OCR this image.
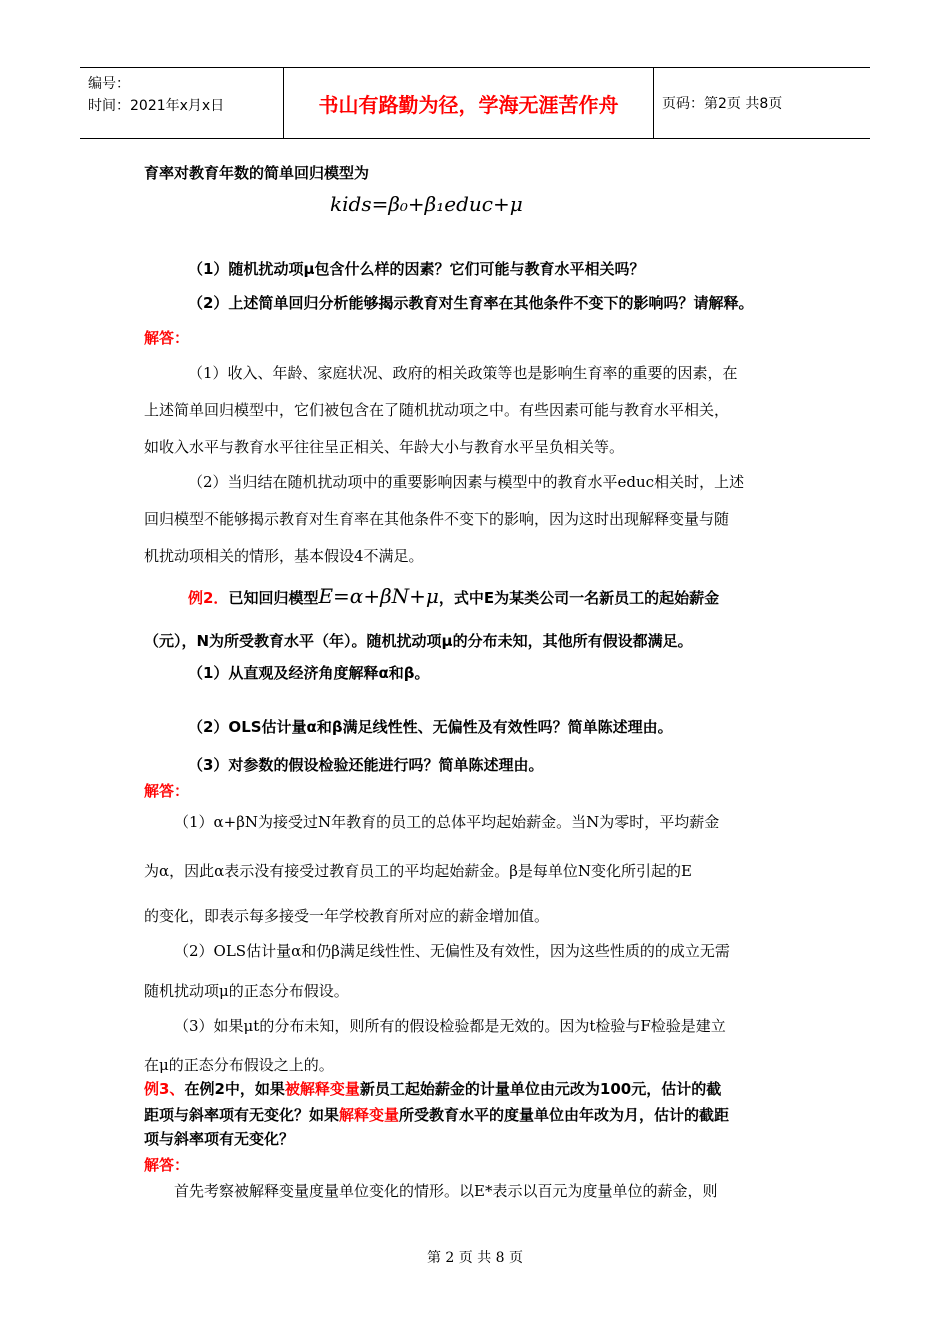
编号：
时间：2021年x月x日	书山有路勤为径，学海无涯苦作舟	页码：第2页 共8页
育率对教育年数的简单回归模型为
kids=β₀+β₁educ+μ
（1）随机扰动项μ包含什么样的因素？它们可能与教育水平相关吗？
（2）上述简单回归分析能够揭示教育对生育率在其他条件不变下的影响吗？请解释。
解答：
（1）收入、年龄、家庭状况、政府的相关政策等也是影响生育率的重要的因素，在
上述简单回归模型中，它们被包含在了随机扰动项之中。有些因素可能与教育水平相关，
如收入水平与教育水平往往呈正相关、年龄大小与教育水平呈负相关等。
（2）当归结在随机扰动项中的重要影响因素与模型中的教育水平educ相关时，上述
回归模型不能够揭示教育对生育率在其他条件不变下的影响，因为这时出现解释变量与随
机扰动项相关的情形，基本假设4不满足。
例2．已知回归模型E=α+βN+μ，式中E为某类公司一名新员工的起始薪金
（元），N为所受教育水平（年）。随机扰动项μ的分布未知，其他所有假设都满足。
（1）从直观及经济角度解释α和β。
（2）OLS估计量α和β满足线性性、无偏性及有效性吗？简单陈述理由。
（3）对参数的假设检验还能进行吗？简单陈述理由。
解答：
（1）α+βN为接受过N年教育的员工的总体平均起始薪金。当N为零时，平均薪金
为α，因此α表示没有接受过教育员工的平均起始薪金。β是每单位N变化所引起的E
的变化，即表示每多接受一年学校教育所对应的薪金增加值。
（2）OLS估计量α和仍β满足线性性、无偏性及有效性，因为这些性质的的成立无需
随机扰动项μ的正态分布假设。
（3）如果μt的分布未知，则所有的假设检验都是无效的。因为t检验与F检验是建立
在μ的正态分布假设之上的。
例3、在例2中，如果被解释变量新员工起始薪金的计量单位由元改为100元，估计的截
距项与斜率项有无变化？如果解释变量所受教育水平的度量单位由年改为月，估计的截距
项与斜率项有无变化？
解答：
首先考察被解释变量度量单位变化的情形。以E*表示以百元为度量单位的薪金，则
第 2 页 共 8 页
